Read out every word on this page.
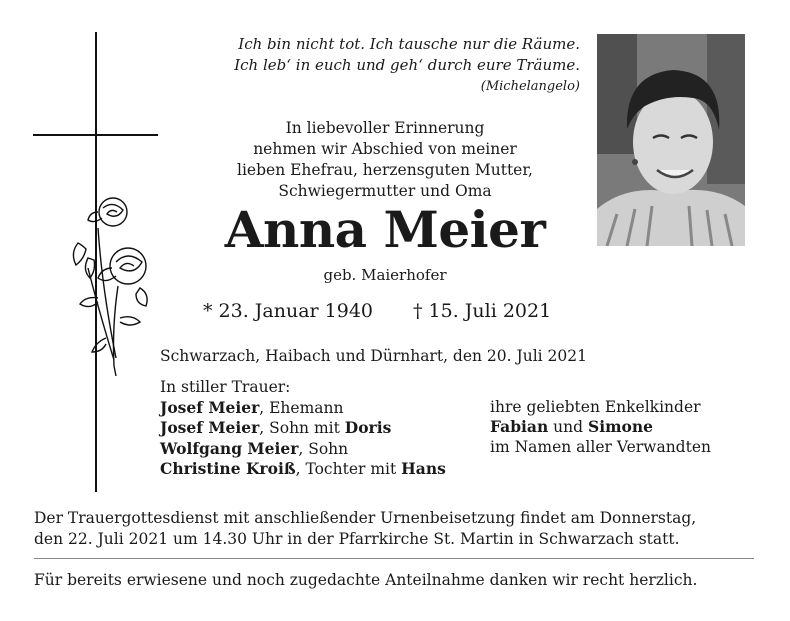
Ich bin nicht tot. Ich tausche nur die Räume.
Ich leb‘ in euch und geh‘ durch eure Träume.
(Michelangelo)
In liebevoller Erinnerung
nehmen wir Abschied von meiner
lieben Ehefrau, herzensguten Mutter,
Schwiegermutter und Oma
Anna Meier
geb. Maierhofer
* 23. Januar 1940 † 15. Juli 2021
Schwarzach, Haibach und Dürnhart, den 20. Juli 2021
In stiller Trauer:
Josef Meier, Ehemann
Josef Meier, Sohn mit Doris
Wolfgang Meier, Sohn
Christine Kroiß, Tochter mit Hans
ihre geliebten Enkelkinder
Fabian und Simone
im Namen aller Verwandten
Der Trauergottesdienst mit anschließender Urnenbeisetzung findet am Donnerstag,
den 22. Juli 2021 um 14.30 Uhr in der Pfarrkirche St. Martin in Schwarzach statt.
Für bereits erwiesene und noch zugedachte Anteilnahme danken wir recht herzlich.
